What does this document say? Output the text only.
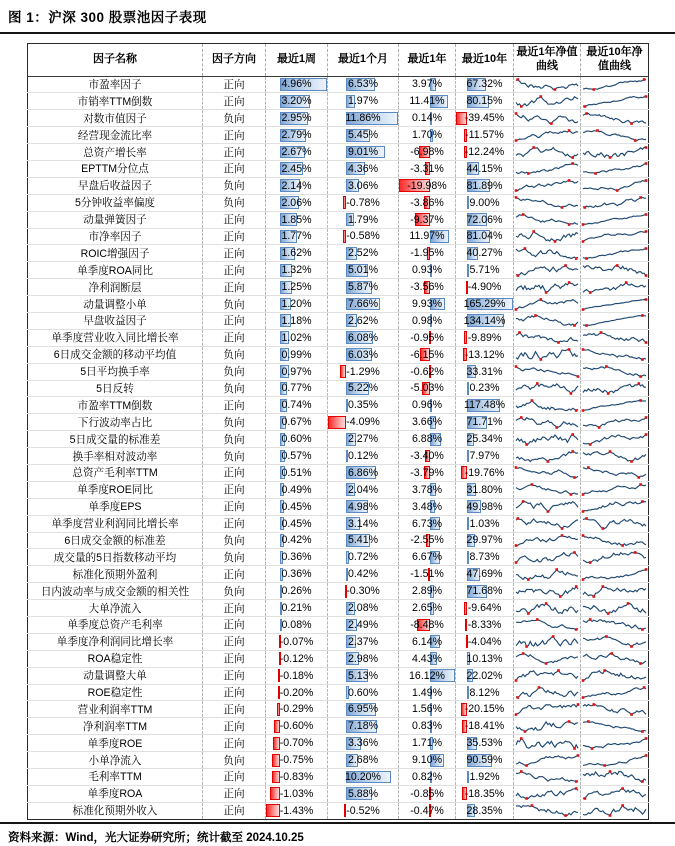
图 1：沪深 300 股票池因子表现
因子名称	因子方向	最近1周	最近1个月	最近1年	最近10年	最近1年净值曲线	最近10年净值曲线
市盈率因子	正向	4.96%	6.53%	3.97%	67.32%	

市销率TTM倒数	正向	3.20%	1.97%	11.41%	80.15%	

对数市值因子	负向	2.95%	11.86%	0.14%	-39.45%	

经营现金流比率	正向	2.79%	5.45%	1.70%	-11.57%	

总资产增长率	正向	2.67%	9.01%	-6.98%	-12.24%	

EPTTM分位点	正向	2.45%	4.36%	-3.31%	44.15%	

早盘后收益因子	负向	2.14%	3.06%	-19.98%	81.89%	

5分钟收益率偏度	负向	2.06%	-0.78%	-3.86%	9.00%	

动量弹簧因子	正向	1.85%	1.79%	-9.37%	72.06%	

市净率因子	正向	1.77%	-0.58%	11.97%	81.04%	

ROIC增强因子	正向	1.62%	2.52%	-1.95%	40.27%	

单季度ROA同比	正向	1.32%	5.01%	0.93%	5.71%	

净利润断层	正向	1.25%	5.87%	-3.56%	-4.90%	

动量调整小单	负向	1.20%	7.66%	9.93%	165.29%	

早盘收益因子	正向	1.18%	2.62%	0.98%	134.14%	

单季度营业收入同比增长率	正向	1.02%	6.08%	-0.95%	-9.89%	

6日成交金额的移动平均值	负向	0.99%	6.03%	-6.15%	-13.12%	

5日平均换手率	负向	0.97%	-1.29%	-0.62%	33.31%	

5日反转	负向	0.77%	5.22%	-5.03%	0.23%	

市盈率TTM倒数	正向	0.74%	0.35%	0.96%	117.48%	

下行波动率占比	负向	0.67%	-4.09%	3.66%	71.71%	

5日成交量的标准差	负向	0.60%	2.27%	6.88%	25.34%	

换手率相对波动率	负向	0.57%	0.12%	-3.40%	7.97%	

总资产毛利率TTM	正向	0.51%	6.86%	-3.79%	-19.76%	

单季度ROE同比	正向	0.49%	2.04%	3.78%	31.80%	

单季度EPS	正向	0.45%	4.98%	3.48%	49.98%	

单季度营业利润同比增长率	正向	0.45%	3.14%	6.73%	1.03%	

6日成交金额的标准差	负向	0.42%	5.41%	-2.55%	29.97%	

成交量的5日指数移动平均	负向	0.36%	0.72%	6.67%	8.73%	

标准化预期外盈利	正向	0.36%	0.42%	-1.51%	47.69%	

日内波动率与成交金额的相关性	负向	0.26%	-0.30%	2.89%	71.68%	

大单净流入	正向	0.21%	2.08%	2.65%	-9.64%	

单季度总资产毛利率	正向	0.08%	2.49%	-8.48%	-8.33%	

单季度净利润同比增长率	正向	-0.07%	2.37%	6.14%	-4.04%	

ROA稳定性	正向	-0.12%	2.98%	4.43%	10.13%	

动量调整大单	正向	-0.18%	5.13%	16.12%	22.02%	

ROE稳定性	正向	-0.20%	0.60%	1.49%	8.12%	

营业利润率TTM	正向	-0.29%	6.95%	1.56%	-20.15%	

净利润率TTM	正向	-0.60%	7.18%	0.83%	-18.41%	

单季度ROE	正向	-0.70%	3.36%	1.71%	35.53%	

小单净流入	负向	-0.75%	2.68%	9.10%	90.59%	

毛利率TTM	正向	-0.83%	10.20%	0.82%	1.92%	

单季度ROA	正向	-1.03%	5.88%	-0.85%	-18.35%	

标准化预期外收入	正向	-1.43%	-0.52%	-0.47%	28.35%	

资料来源：Wind，光大证券研究所；统计截至 2024.10.25
